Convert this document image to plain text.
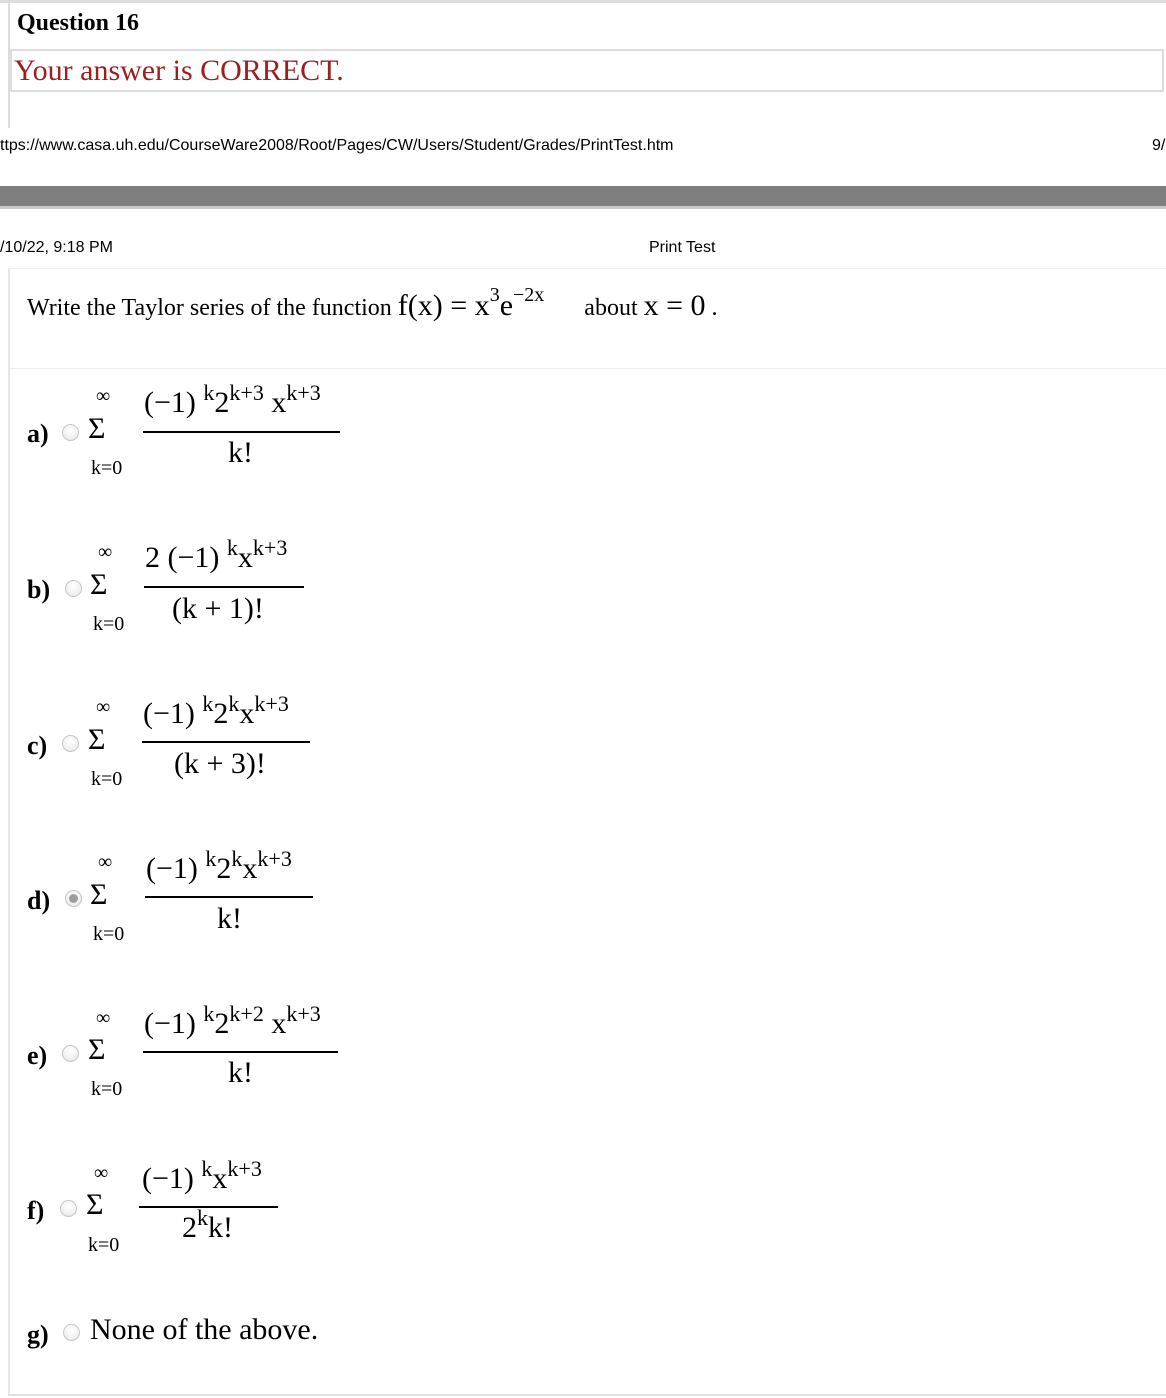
Question 16
Your answer is CORRECT.
ttps://www.casa.uh.edu/CourseWare2008/Root/Pages/CW/Users/Student/Grades/PrintTest.htm	9/
/10/22, 9:18 PM	Print Test
Write the Taylor series of the function $f(x) = x^3e^{-2x}$ about x = 0 .
a)
∞
Σ
k=0
(−1) $^k2^{k+3}$ $x^{k+3}$
k!
b)
∞
Σ
k=0
2 (−1) $^kx^{k+3}$
(k + 1)!
c)
∞
Σ
k=0
(−1) $^k2^kx^{k+3}$
(k + 3)!
d)
∞
Σ
k=0
(−1) $^k2^kx^{k+3}$
k!
e)
∞
Σ
k=0
(−1) $^k2^{k+2}$ $x^{k+3}$
k!
f)
∞
Σ
k=0
(−1) $^kx^{k+3}$
2$^k$k!
g) None of the above.
